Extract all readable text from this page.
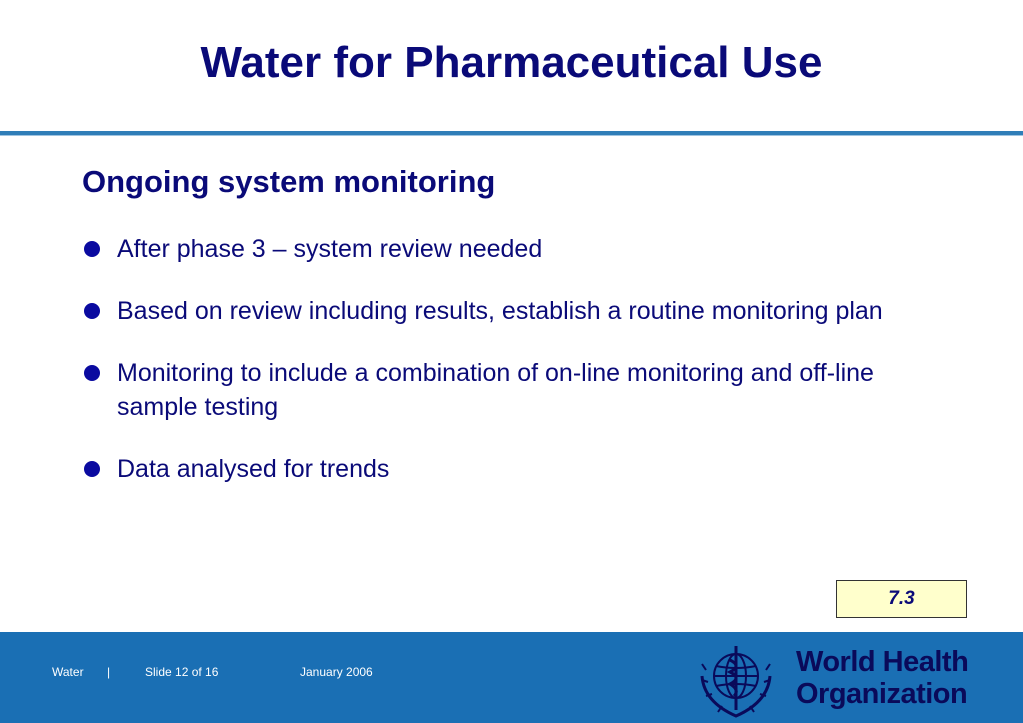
Water for Pharmaceutical Use
Ongoing system monitoring
After phase 3 – system review needed
Based on review including results, establish a routine monitoring plan
Monitoring to include a combination of on-line monitoring and off-line sample testing
Data analysed for trends
7.3
Water |	Slide 12 of 16	January 2006	World Health
Organization
